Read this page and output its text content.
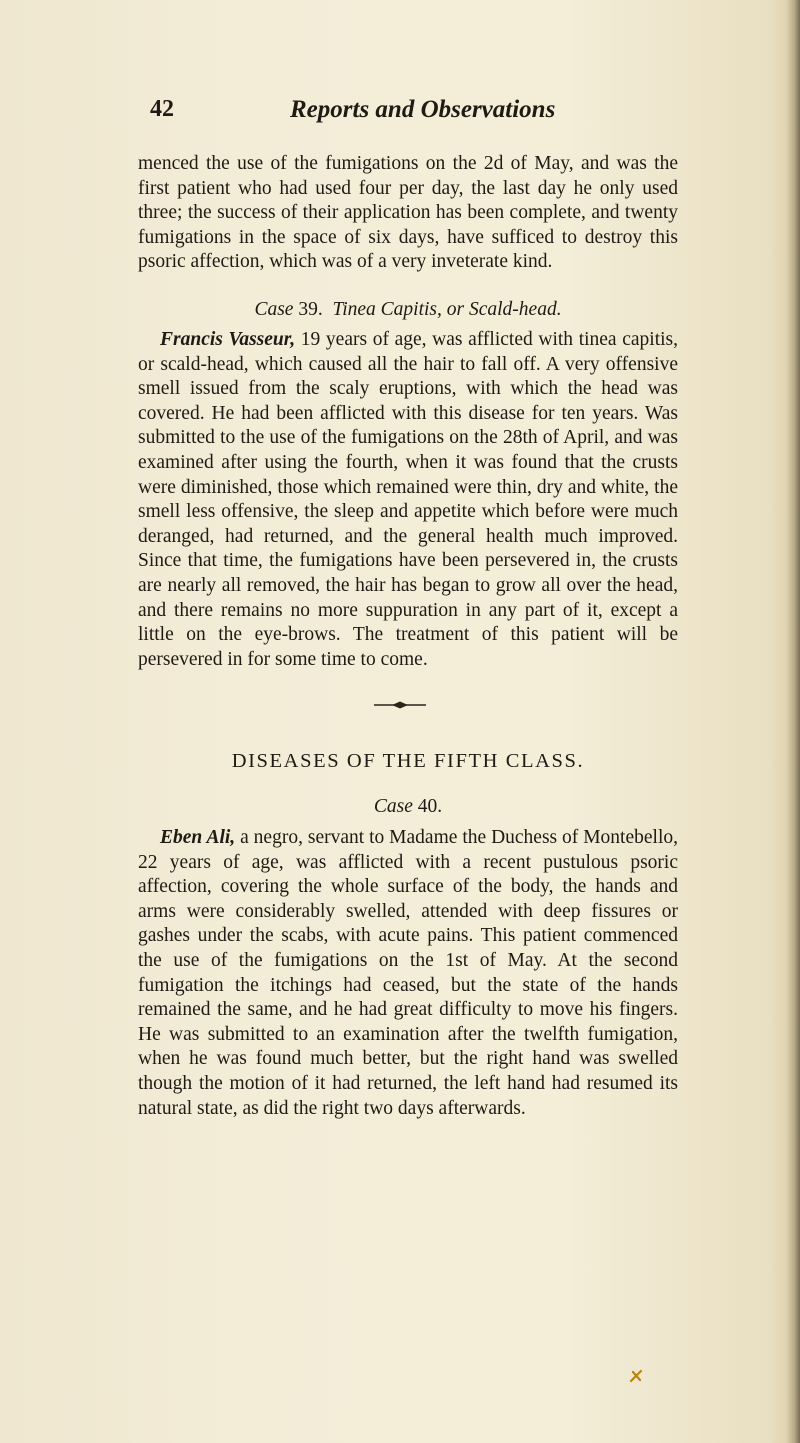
42	Reports and Observations

menced the use of the fumigations on the 2d of May, and was the first patient who had used four per day, the last day he only used three; the success of their application has been complete, and twenty fumigations in the space of six days, have sufficed to destroy this psoric affection, which was of a very inveterate kind.

Case 39. Tinea Capitis, or Scald-head.

Francis Vasseur, 19 years of age, was afflicted with tinea capitis, or scald-head, which caused all the hair to fall off. A very offensive smell issued from the scaly eruptions, with which the head was covered. He had been afflicted with this disease for ten years. Was submitted to the use of the fumigations on the 28th of April, and was examined after using the fourth, when it was found that the crusts were diminished, those which remained were thin, dry and white, the smell less offensive, the sleep and appetite which before were much deranged, had returned, and the general health much improved. Since that time, the fumigations have been persevered in, the crusts are nearly all removed, the hair has began to grow all over the head, and there remains no more suppuration in any part of it, except a little on the eye-brows. The treatment of this patient will be persevered in for some time to come.

DISEASES OF THE FIFTH CLASS.
Case 40.

Eben Ali, a negro, servant to Madame the Duchess of Montebello, 22 years of age, was afflicted with a recent pustulous psoric affection, covering the whole surface of the body, the hands and arms were considerably swelled, attended with deep fissures or gashes under the scabs, with acute pains. This patient commenced the use of the fumigations on the 1st of May. At the second fumigation the itchings had ceased, but the state of the hands remained the same, and he had great difficulty to move his fingers. He was submitted to an examination after the twelfth fumigation, when he was found much better, but the right hand was swelled though the motion of it had returned, the left hand had resumed its natural state, as did the right two days afterwards.
